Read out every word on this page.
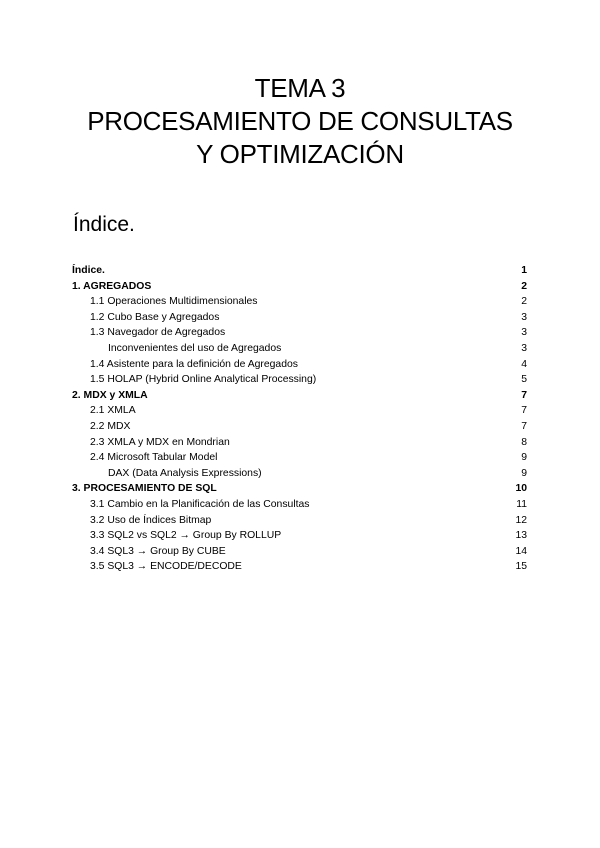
TEMA 3
PROCESAMIENTO DE CONSULTAS
Y OPTIMIZACIÓN
Índice.
Índice.	1
1. AGREGADOS	2
1.1 Operaciones Multidimensionales	2
1.2 Cubo Base y Agregados	3
1.3 Navegador de Agregados	3
Inconvenientes del uso de Agregados	3
1.4 Asistente para la definición de Agregados	4
1.5 HOLAP (Hybrid Online Analytical Processing)	5
2. MDX y XMLA	7
2.1 XMLA	7
2.2 MDX	7
2.3 XMLA y MDX en Mondrian	8
2.4 Microsoft Tabular Model	9
DAX (Data Analysis Expressions)	9
3. PROCESAMIENTO DE SQL	10
3.1 Cambio en la Planificación de las Consultas	11
3.2 Uso de Índices Bitmap	12
3.3 SQL2 vs SQL2 → Group By ROLLUP	13
3.4 SQL3 → Group By CUBE	14
3.5 SQL3 → ENCODE/DECODE	15
